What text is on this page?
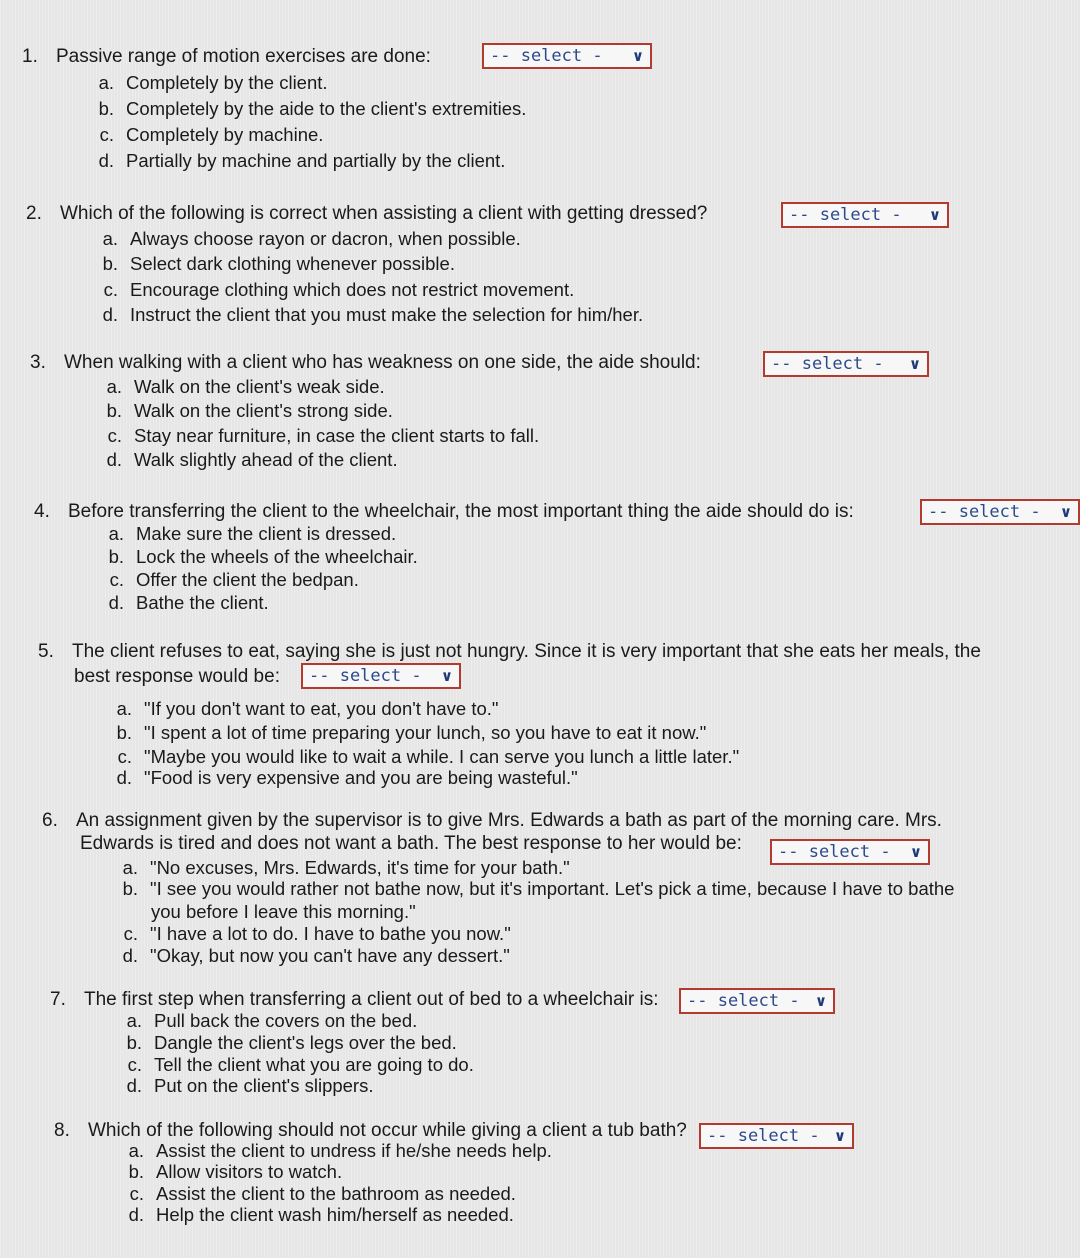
1. Passive range of motion exercises are done:	-- select - ∨
a. Completely by the client.
b. Completely by the aide to the client's extremities.
c. Completely by machine.
d. Partially by machine and partially by the client.
2. Which of the following is correct when assisting a client with getting dressed?	-- select - ∨
a. Always choose rayon or dacron, when possible.
b. Select dark clothing whenever possible.
c. Encourage clothing which does not restrict movement.
d. Instruct the client that you must make the selection for him/her.
3. When walking with a client who has weakness on one side, the aide should:	-- select - ∨
a. Walk on the client's weak side.
b. Walk on the client's strong side.
c. Stay near furniture, in case the client starts to fall.
d. Walk slightly ahead of the client.
4. Before transferring the client to the wheelchair, the most important thing the aide should do is:	-- select - ∨
a. Make sure the client is dressed.
b. Lock the wheels of the wheelchair.
c. Offer the client the bedpan.
d. Bathe the client.
5. The client refuses to eat, saying she is just not hungry. Since it is very important that she eats her meals, the
best response would be: -- select - ∨
a. "If you don't want to eat, you don't have to."
b. "I spent a lot of time preparing your lunch, so you have to eat it now."
c. "Maybe you would like to wait a while. I can serve you lunch a little later."
d. "Food is very expensive and you are being wasteful."
6. An assignment given by the supervisor is to give Mrs. Edwards a bath as part of the morning care. Mrs.
Edwards is tired and does not want a bath. The best response to her would be: -- select - ∨
a. "No excuses, Mrs. Edwards, it's time for your bath."
b. "I see you would rather not bathe now, but it's important. Let's pick a time, because I have to bathe
you before I leave this morning."
c. "I have a lot to do. I have to bathe you now."
d. "Okay, but now you can't have any dessert."
7. The first step when transferring a client out of bed to a wheelchair is: -- select - ∨
a. Pull back the covers on the bed.
b. Dangle the client's legs over the bed.
c. Tell the client what you are going to do.
d. Put on the client's slippers.
8. Which of the following should not occur while giving a client a tub bath? -- select - ∨
a. Assist the client to undress if he/she needs help.
b. Allow visitors to watch.
c. Assist the client to the bathroom as needed.
d. Help the client wash him/herself as needed.
